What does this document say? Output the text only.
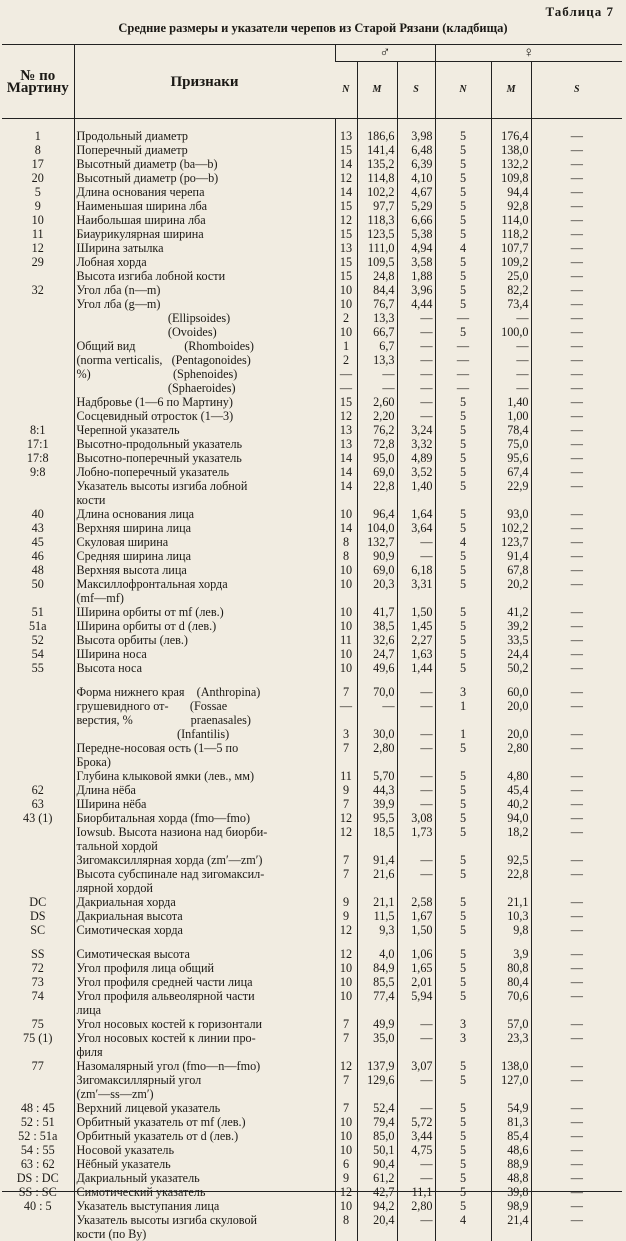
Таблица 7
Средние размеры и указатели черепов из Старой Рязани (кладбища)
№ по Мартину	Признаки	♂			♀		
		N	M	S	N	M	S

1	Продольный диаметр	13	186,6	3,98	5	176,4	—
8	Поперечный диаметр	15	141,4	6,48	5	138,0	—
17	Высотный диаметр (ba—b)	14	135,2	6,39	5	132,2	—
20	Высотный диаметр (po—b)	12	114,8	4,10	5	109,8	—
5	Длина основания черепа	14	102,2	4,67	5	94,4	—
9	Наименьшая ширина лба	15	97,7	5,29	5	92,8	—
10	Наибольшая ширина лба	12	118,3	6,66	5	114,0	—
11	Биаурикулярная ширина	15	123,5	5,38	5	118,2	—
12	Ширина затылка	13	111,0	4,94	4	107,7	—
29	Лобная хорда	15	109,5	3,58	5	109,2	—
	Высота изгиба лобной кости	15	24,8	1,88	5	25,0	—
32	Угол лба (n—m)	10	84,4	3,96	5	82,2	—
	Угол лба (g—m)	10	76,7	4,44	5	73,4	—
	(Ellipsoides)	2	13,3	—	—	—	—
	(Ovoides)	10	66,7	—	5	100,0	—
	Общий вид                (Rhomboides)	1	6,7	—	—	—	—
	(norma verticalis,   (Pentagonoides)	2	13,3	—	—	—	—
	%)                           (Sphenoides)	—	—	—	—	—	—
	(Sphaeroides)	—	—	—	—	—	—
	Надбровье (1—6 по Мартину)	15	2,60	—	5	1,40	—
	Сосцевидный отросток (1—3)	12	2,20	—	5	1,00	—
8:1	Черепной указатель	13	76,2	3,24	5	78,4	—
17:1	Высотно-продольный указатель	13	72,8	3,32	5	75,0	—
17:8	Высотно-поперечный указатель	14	95,0	4,89	5	95,6	—
9:8	Лобно-поперечный указатель	14	69,0	3,52	5	67,4	—
	Указатель высоты изгиба лобной	14	22,8	1,40	5	22,9	—
	кости						
40	Длина основания лица	10	96,4	1,64	5	93,0	—
43	Верхняя ширина лица	14	104,0	3,64	5	102,2	—
45	Скуловая ширина	8	132,7	—	4	123,7	—
46	Средняя ширина лица	8	90,9	—	5	91,4	—
48	Верхняя высота лица	10	69,0	6,18	5	67,8	—
50	Максиллофронтальная хорда	10	20,3	3,31	5	20,2	—
	(mf—mf)						
51	Ширина орбиты от mf (лев.)	10	41,7	1,50	5	41,2	—
51a	Ширина орбиты от d (лев.)	10	38,5	1,45	5	39,2	—
52	Высота орбиты (лев.)	11	32,6	2,27	5	33,5	—
54	Ширина носа	10	24,7	1,63	5	24,4	—
55	Высота носа	10	49,6	1,44	5	50,2	—

	Форма нижнего края    (Anthropina)	7	70,0	—	3	60,0	—
	грушевидного от-       (Fossae	—	—	—	1	20,0	—
	верстия, %                   praenasales)						
	(Infantilis)	3	30,0	—	1	20,0	—
	Передне-носовая ость (1—5 по	7	2,80	—	5	2,80	—
	Брока)						
	Глубина клыковой ямки (лев., мм)	11	5,70	—	5	4,80	—
62	Длина нёба	9	44,3	—	5	45,4	—
63	Ширина нёба	7	39,9	—	5	40,2	—
43 (1)	Биорбитальная хорда (fmo—fmo)	12	95,5	3,08	5	94,0	—
	Iowsub. Высота назиона над биорби-	12	18,5	1,73	5	18,2	—
	тальной хордой						
	Зигомаксиллярная хорда (zm′—zm′)	7	91,4	—	5	92,5	—
	Высота субспинале над зигомаксил-	7	21,6	—	5	22,8	—
	лярной хордой						
DC	Дакриальная хорда	9	21,1	2,58	5	21,1	—
DS	Дакриальная высота	9	11,5	1,67	5	10,3	—
SC	Симотическая хорда	12	9,3	1,50	5	9,8	—

SS	Симотическая высота	12	4,0	1,06	5	3,9	—
72	Угол профиля лица общий	10	84,9	1,65	5	80,8	—
73	Угол профиля средней части лица	10	85,5	2,01	5	80,4	—
74	Угол профиля альвеолярной части	10	77,4	5,94	5	70,6	—
	лица						
75	Угол носовых костей к горизонтали	7	49,9	—	3	57,0	—
75 (1)	Угол носовых костей к линии про-	7	35,0	—	3	23,3	—
	филя						
77	Назомалярный угол (fmo—n—fmo)	12	137,9	3,07	5	138,0	—
	Зигомаксиллярный угол	7	129,6	—	5	127,0	—
	(zm′—ss—zm′)						
48 : 45	Верхний лицевой указатель	7	52,4	—	5	54,9	—
52 : 51	Орбитный указатель от mf (лев.)	10	79,4	5,72	5	81,3	—
52 : 51a	Орбитный указатель от d (лев.)	10	85,0	3,44	5	85,4	—
54 : 55	Носовой указатель	10	50,1	4,75	5	48,6	—
63 : 62	Нёбный указатель	6	90,4	—	5	88,9	—
DS : DC	Дакриальный указатель	9	61,2	—	5	48,8	—
SS : SC	Симотический указатель	12	42,7	11,1	5	39,8	—
40 : 5	Указатель выступания лица	10	94,2	2,80	5	98,9	—
	Указатель высоты изгиба скуловой	8	20,4	—	4	21,4	—
	кости (по Ву)						
